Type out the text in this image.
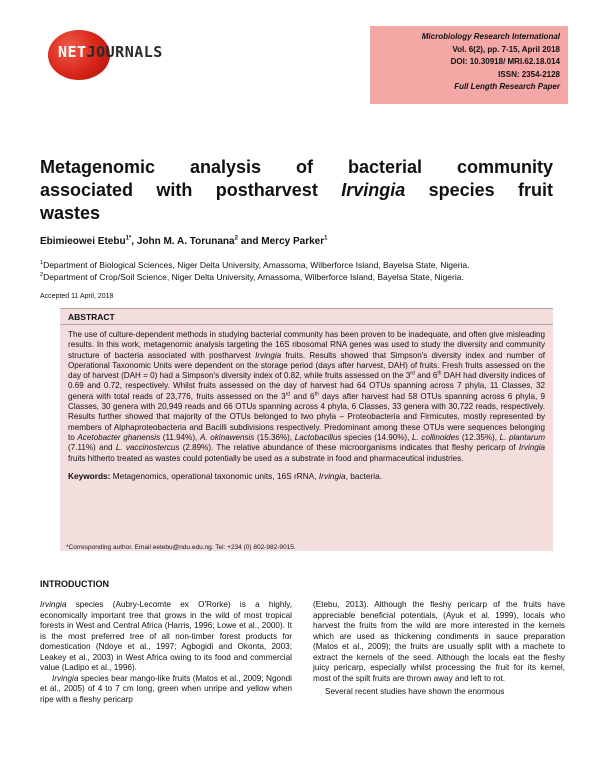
NETJOURNALS
Microbiology Research International
Vol. 6(2), pp. 7-15, April 2018
DOI: 10.30918/ MRI.62.18.014
ISSN: 2354-2128
Full Length Research Paper
Metagenomic analysis of bacterial community
associated with postharvest Irvingia species fruit
wastes
Ebimieowei Etebu$^{1*}$, John M. A. Torunana$^2$ and Mercy Parker$^1$
$^1$Department of Biological Sciences, Niger Delta University, Amassoma, Wilberforce Island, Bayelsa State, Nigeria.
$^2$Department of Crop/Soil Science, Niger Delta University, Amassoma, Wilberforce Island, Bayelsa State, Nigeria.
Accepted 11 April, 2018
ABSTRACT
The use of culture-dependent methods in studying bacterial community has been proven to be inadequate, and often give misleading results. In this work, metagenomic analysis targeting the 16S ribosomal RNA genes was used to study the diversity and community structure of bacteria associated with postharvest Irvingia fruits. Results showed that Simpson's diversity index and number of Operational Taxonomic Units were dependent on the storage period (days after harvest, DAH) of fruits. Fresh fruits assessed on the day of harvest (DAH = 0) had a Simpson's diversity index of 0.82, while fruits assessed on the 3rd and 6th DAH had diversity indices of 0.69 and 0.72, respectively. Whilst fruits assessed on the day of harvest had 64 OTUs spanning across 7 phyla, 11 Classes, 32 genera with total reads of 23,776, fruits assessed on the 3rd and 6th days after harvest had 58 OTUs spanning across 6 phyla, 9 Classes, 30 genera with 20,949 reads and 66 OTUs spanning across 4 phyla, 6 Classes, 33 genera with 30,722 reads, respectively. Results further showed that majority of the OTUs belonged to two phyla – Proteobacteria and Firmicutes, mostly represented by members of Alphaproteobacteria and Bacilli subdivisions respectively. Predominant among these OTUs were sequences belonging to Acetobacter ghanensis (11.94%), A. okinawensis (15.36%), Lactobacillus species (14.90%), L. collinoides (12.35%), L. plantarum (7.11%) and L. vaccinostercus (2.89%). The relative abundance of these microorganisms indicates that fleshy pericarp of Irvingia fruits hitherto treated as wastes could potentially be used as a substrate in food and pharmaceutical industries.
Keywords: Metagenomics, operational taxonomic units, 16S rRNA, Irvingia, bacteria.
*Corresponding author. Email eetebu@ndu.edu.ng. Tel: +234 (0) 802-982-9015.
INTRODUCTION

Irvingia species (Aubry-Lecomte ex O'Rorke) is a highly, economically important tree that grows in the wild of most tropical forests in West and Central Africa (Harris, 1996; Lowe et al., 2000). It is the most preferred tree of all non-timber forest products for domestication (Ndoye et al., 1997; Agbogidi and Okonta, 2003; Leakey et al., 2003) in West Africa owing to its food and commercial value (Ladipo et al., 1996).

Irvingia species bear mango-like fruits (Matos et al., 2009; Ngondi et al., 2005) of 4 to 7 cm long, green when unripe and yellow when ripe with a fleshy pericarp

(Etebu, 2013). Although the fleshy pericarp of the fruits have appreciable beneficial potentials, (Ayuk et al. 1999), locals who harvest the fruits from the wild are more interested in the kernels which are used as thickening condiments in sauce preparation (Matos et al., 2009); the fruits are usually split with a machete to extract the kernels of the seed. Although the locals eat the fleshy juicy pericarp, especially whilst processing the fruit for its kernel, most of the spilt fruits are thrown away and left to rot.

Several recent studies have shown the enormous
